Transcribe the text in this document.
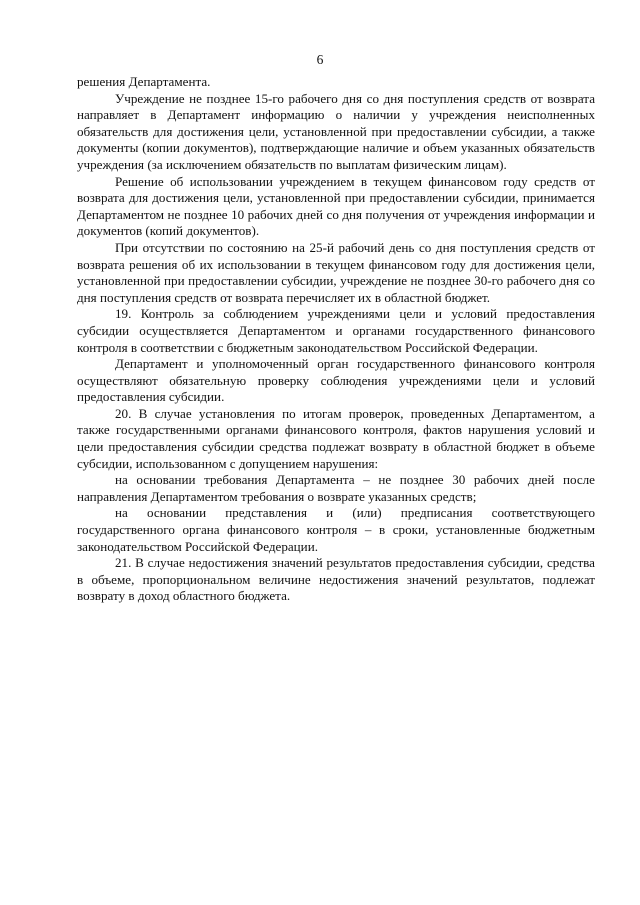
6

решения Департамента.

Учреждение не позднее 15-го рабочего дня со дня поступления средств от возврата направляет в Департамент информацию о наличии у учреждения неисполненных обязательств для достижения цели, установленной при предоставлении субсидии, а также документы (копии документов), подтверждающие наличие и объем указанных обязательств учреждения (за исключением обязательств по выплатам физическим лицам).

Решение об использовании учреждением в текущем финансовом году средств от возврата для достижения цели, установленной при предоставлении субсидии, принимается Департаментом не позднее 10 рабочих дней со дня получения от учреждения информации и документов (копий документов).

При отсутствии по состоянию на 25-й рабочий день со дня поступления средств от возврата решения об их использовании в текущем финансовом году для достижения цели, установленной при предоставлении субсидии, учреждение не позднее 30-го рабочего дня со дня поступления средств от возврата перечисляет их в областной бюджет.

19. Контроль за соблюдением учреждениями цели и условий предоставления субсидии осуществляется Департаментом и органами государственного финансового контроля в соответствии с бюджетным законодательством Российской Федерации.

Департамент и уполномоченный орган государственного финансового контроля осуществляют обязательную проверку соблюдения учреждениями цели и условий предоставления субсидии.

20. В случае установления по итогам проверок, проведенных Департаментом, а также государственными органами финансового контроля, фактов нарушения условий и цели предоставления субсидии средства подлежат возврату в областной бюджет в объеме субсидии, использованном с допущением нарушения:

на основании требования Департамента – не позднее 30 рабочих дней после направления Департаментом требования о возврате указанных средств;

на основании представления и (или) предписания соответствующего государственного органа финансового контроля – в сроки, установленные бюджетным законодательством Российской Федерации.

21. В случае недостижения значений результатов предоставления субсидии, средства в объеме, пропорциональном величине недостижения значений результатов, подлежат возврату в доход областного бюджета.
